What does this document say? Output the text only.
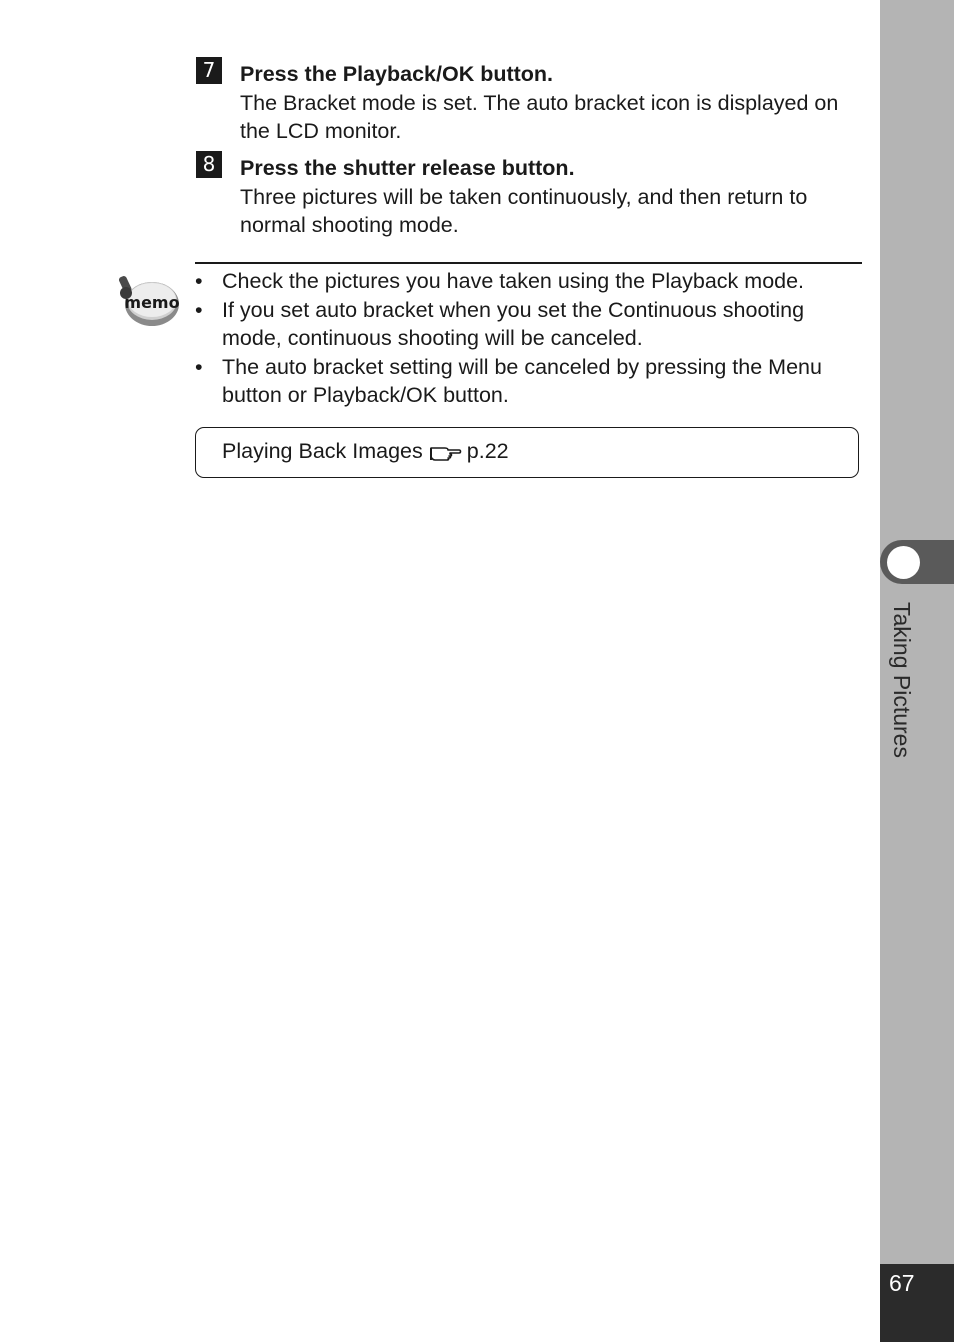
7	Press the Playback/OK button.
The Bracket mode is set. The auto bracket icon is displayed on the LCD monitor.
8	Press the shutter release button.
Three pictures will be taken continuously, and then return to normal shooting mode.
memo
• Check the pictures you have taken using the Playback mode.
• If you set auto bracket when you set the Continuous shooting mode, continuous shooting will be canceled.
• The auto bracket setting will be canceled by pressing the Menu button or Playback/OK button.
Playing Back Images p.22
Taking Pictures
67
